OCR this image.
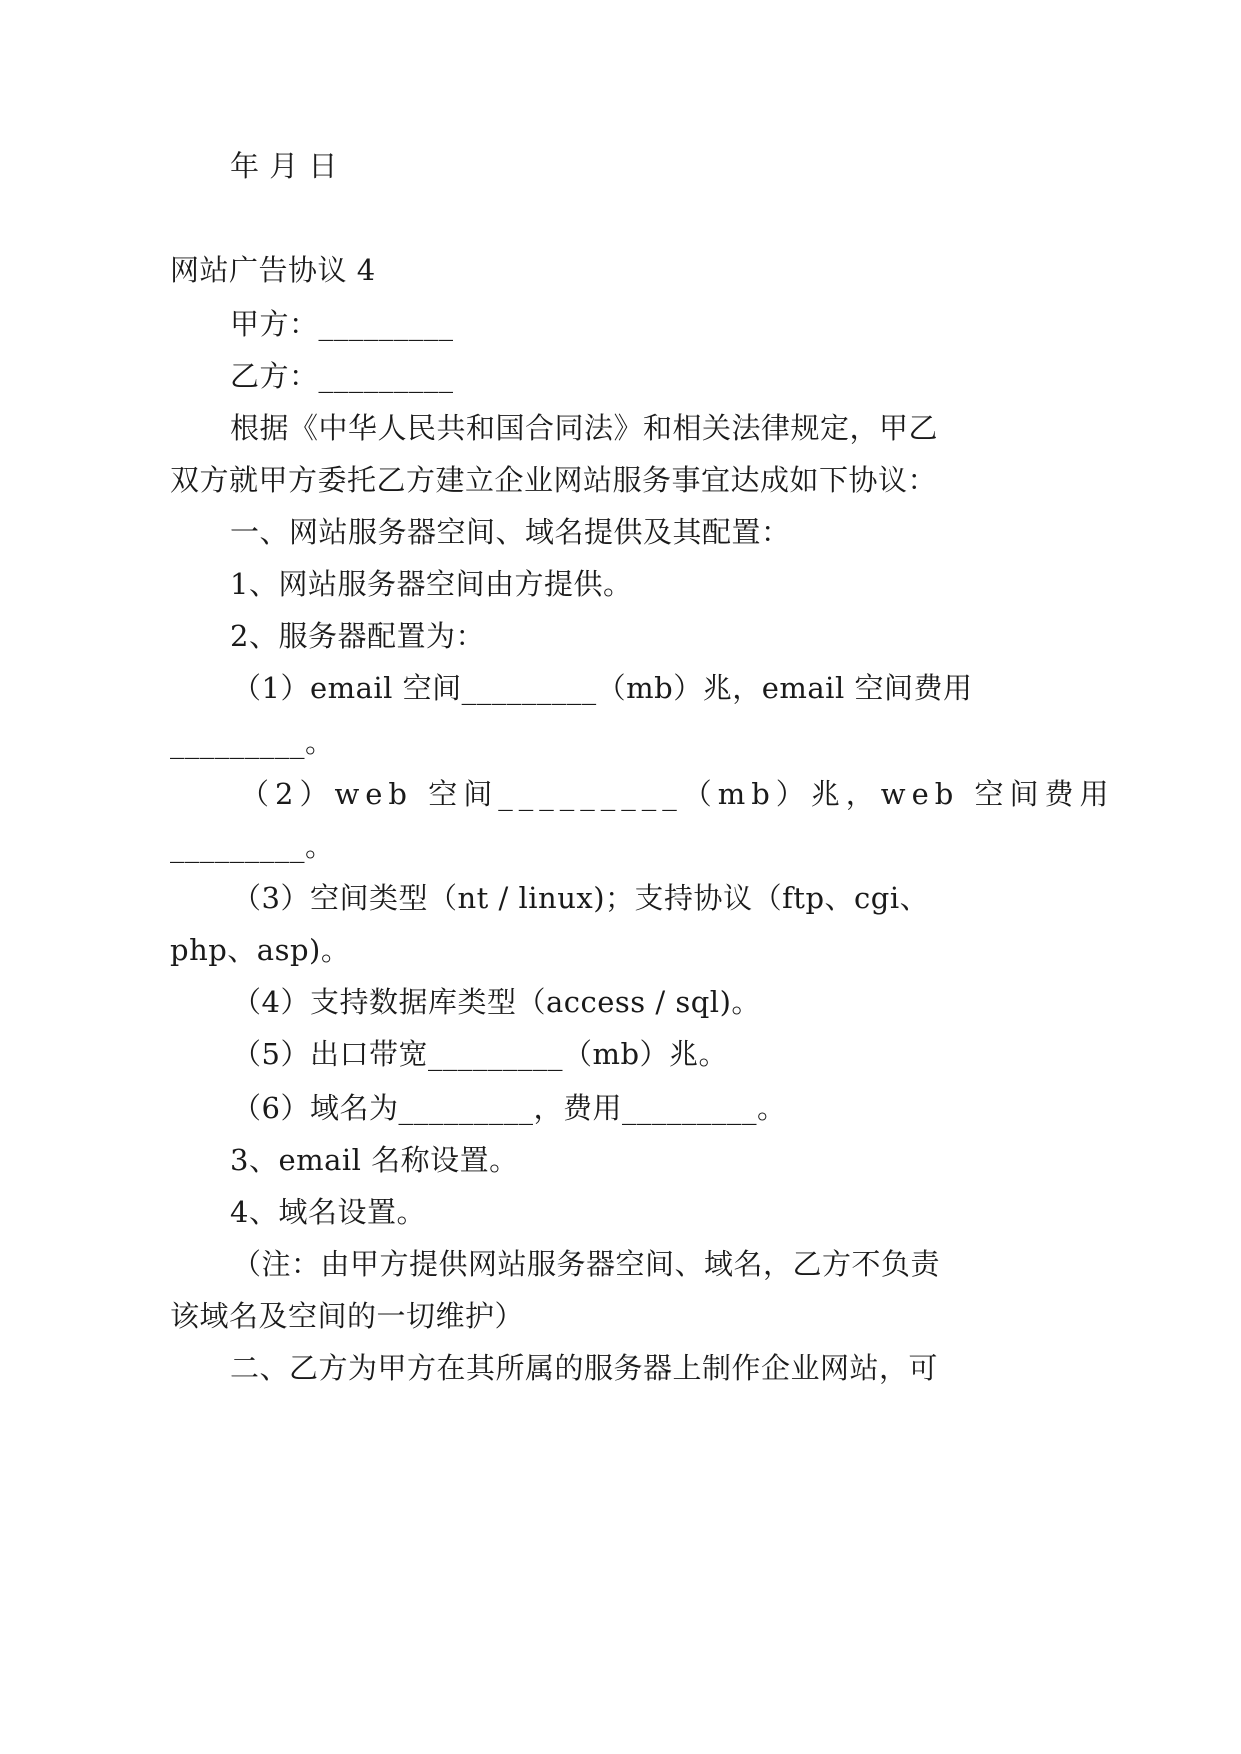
年 月 日
网站广告协议 4
甲方：_________
乙方：_________
根据《中华人民共和国合同法》和相关法律规定，甲乙
双方就甲方委托乙方建立企业网站服务事宜达成如下协议：
一、网站服务器空间、域名提供及其配置：
1、网站服务器空间由方提供。
2、服务器配置为：
（1）email 空间_________（mb）兆，email 空间费用
_________。
（2）web 空间_________（mb）兆，web 空间费用
_________。
（3）空间类型（nt / linux)；支持协议（ftp、cgi、
php、asp)。
（4）支持数据库类型（access / sql)。
（5）出口带宽_________（mb）兆。
（6）域名为_________，费用_________。
3、email 名称设置。
4、域名设置。
（注：由甲方提供网站服务器空间、域名，乙方不负责
该域名及空间的一切维护）
二、乙方为甲方在其所属的服务器上制作企业网站，可
